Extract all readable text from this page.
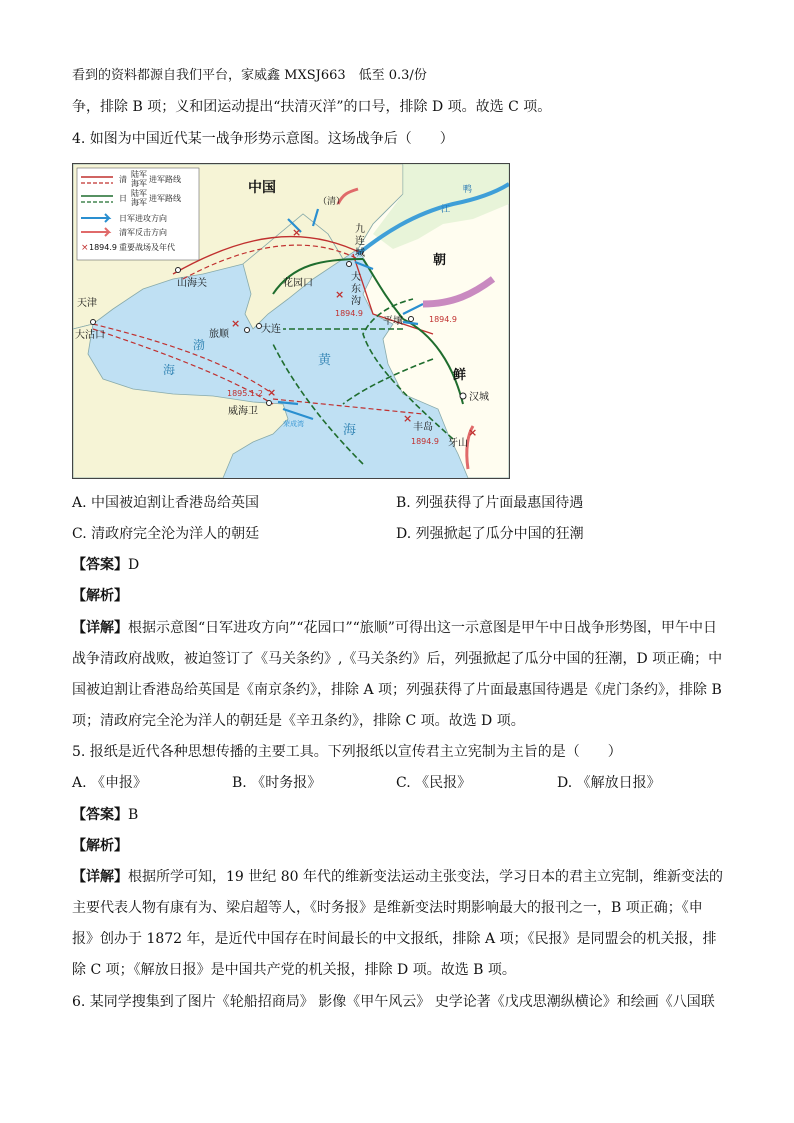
看到的资料都源自我们平台，家威鑫 MXSJ663　低至 0.3/份
争，排除 B 项；义和团运动提出“扶清灭洋”的口号，排除 D 项。故选 C 项。
4. 如图为中国近代某一战争形势示意图。这场战争后（　　）
清
陆军
海军 进军路线
日
陆军
海军 进军路线
日军进攻方向
清军反击方向
× 1894.9 重要战场及年代
×
×
×
×
×
×
中国
（清）
九
连
城	朝
鲜
山海关
天津
大沽口
花园口
大
东
沟
1894.9
1894.9
1894.9
1895.1-2
旅顺	大连
平壤
汉城
丰岛
牙山
威海卫
荣成湾
渤
海
黄
海
鸭
江
A. 中国被迫割让香港岛给英国	B. 列强获得了片面最惠国待遇
C. 清政府完全沦为洋人的朝廷	D. 列强掀起了瓜分中国的狂潮
【答案】D
【解析】
【详解】根据示意图“日军进攻方向”“花园口”“旅顺”可得出这一示意图是甲午中日战争形势图，甲午中日
战争清政府战败，被迫签订了《马关条约》,《马关条约》后，列强掀起了瓜分中国的狂潮，D 项正确；中
国被迫割让香港岛给英国是《南京条约》，排除 A 项；列强获得了片面最惠国待遇是《虎门条约》，排除 B
项；清政府完全沦为洋人的朝廷是《辛丑条约》，排除 C 项。故选 D 项。
5. 报纸是近代各种思想传播的主要工具。下列报纸以宣传君主立宪制为主旨的是（　　）
A. 《申报》	B. 《时务报》	C. 《民报》	D. 《解放日报》
【答案】B
【解析】
【详解】根据所学可知，19 世纪 80 年代的维新变法运动主张变法，学习日本的君主立宪制，维新变法的
主要代表人物有康有为、梁启超等人，《时务报》是维新变法时期影响最大的报刊之一，B 项正确；《申
报》创办于 1872 年，是近代中国存在时间最长的中文报纸，排除 A 项；《民报》是同盟会的机关报，排
除 C 项；《解放日报》是中国共产党的机关报，排除 D 项。故选 B 项。
6. 某同学搜集到了图片《轮船招商局》 影像《甲午风云》 史学论著《戊戌思潮纵横论》和绘画《八国联
